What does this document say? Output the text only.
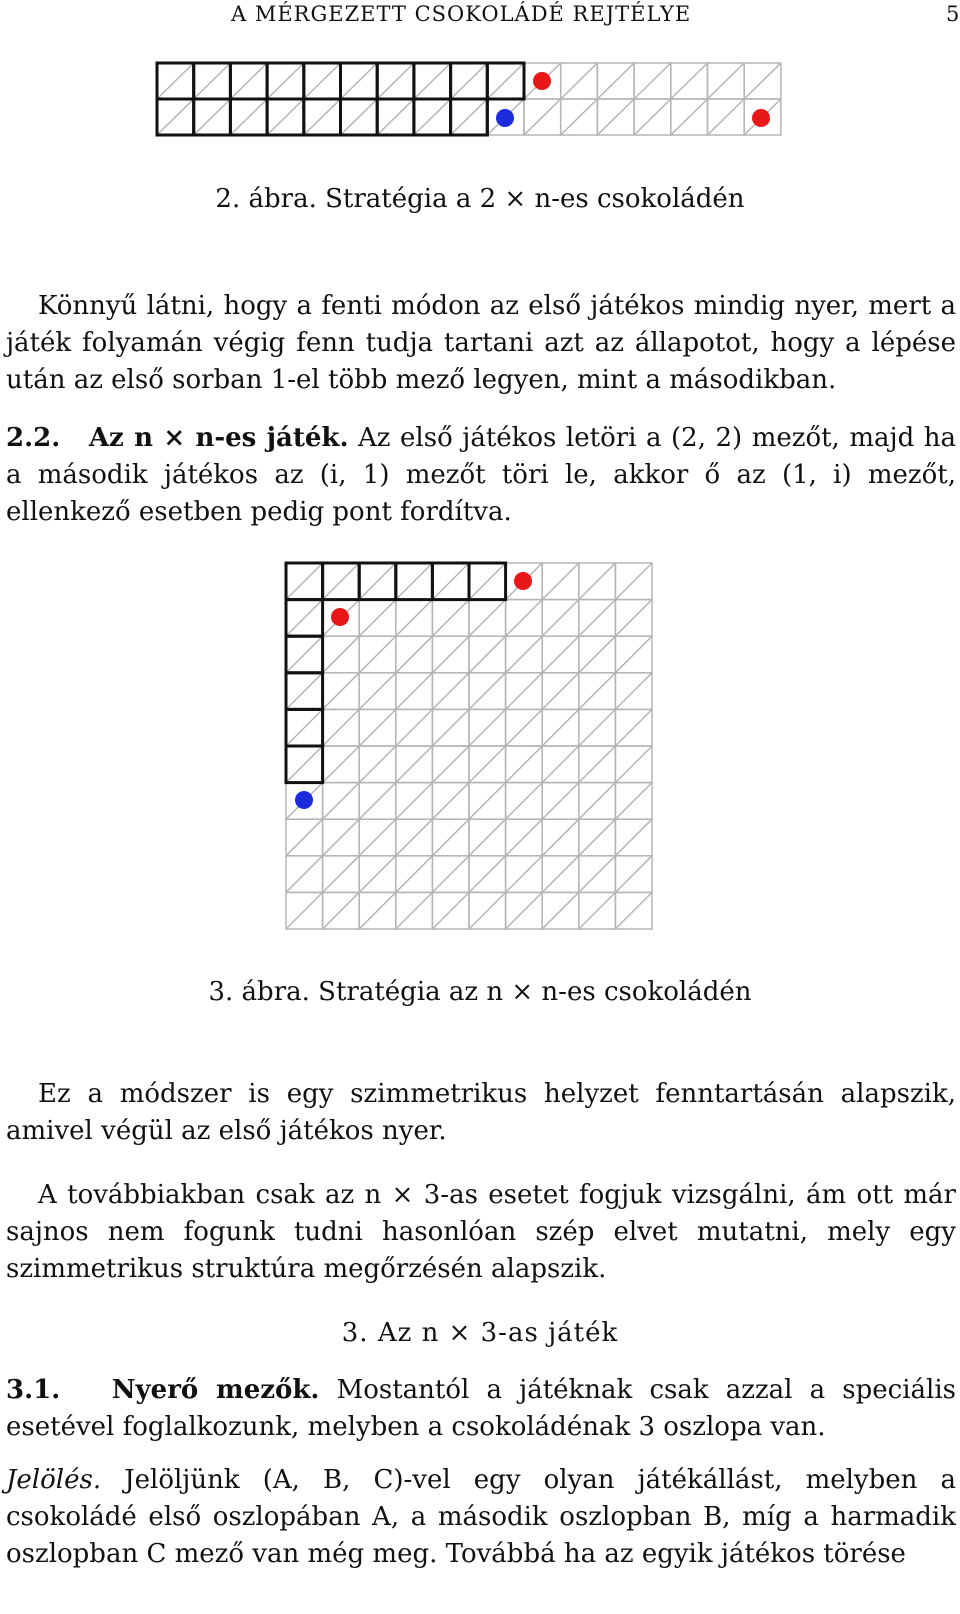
A MÉRGEZETT CSOKOLÁDÉ REJTÉLYE	5
2. ábra. Stratégia a 2 × n-es csokoládén

Könnyű látni, hogy a fenti módon az első játékos mindig nyer, mert a játék folyamán végig fenn tudja tartani azt az állapotot, hogy a lépése után az első sorban 1-el több mező legyen, mint a másodikban.

2.2. Az n × n-es játék. Az első játékos letöri a (2, 2) mezőt, majd ha a második játékos az (i, 1) mezőt töri le, akkor ő az (1, i) mezőt, ellenkező esetben pedig pont fordítva.

3. ábra. Stratégia az n × n-es csokoládén

Ez a módszer is egy szimmetrikus helyzet fenntartásán alapszik, amivel végül az első játékos nyer.

A továbbiakban csak az n × 3-as esetet fogjuk vizsgálni, ám ott már sajnos nem fogunk tudni hasonlóan szép elvet mutatni, mely egy szimmetrikus struktúra megőrzésén alapszik.

3. Az n × 3-as játék

3.1. Nyerő mezők. Mostantól a játéknak csak azzal a speciális esetével foglalkozunk, melyben a csokoládénak 3 oszlopa van.

Jelölés. Jelöljünk (A, B, C)-vel egy olyan játékállást, melyben a csokoládé első oszlopában A, a második oszlopban B, míg a harmadik oszlopban C mező van még meg. Továbbá ha az egyik játékos törése
